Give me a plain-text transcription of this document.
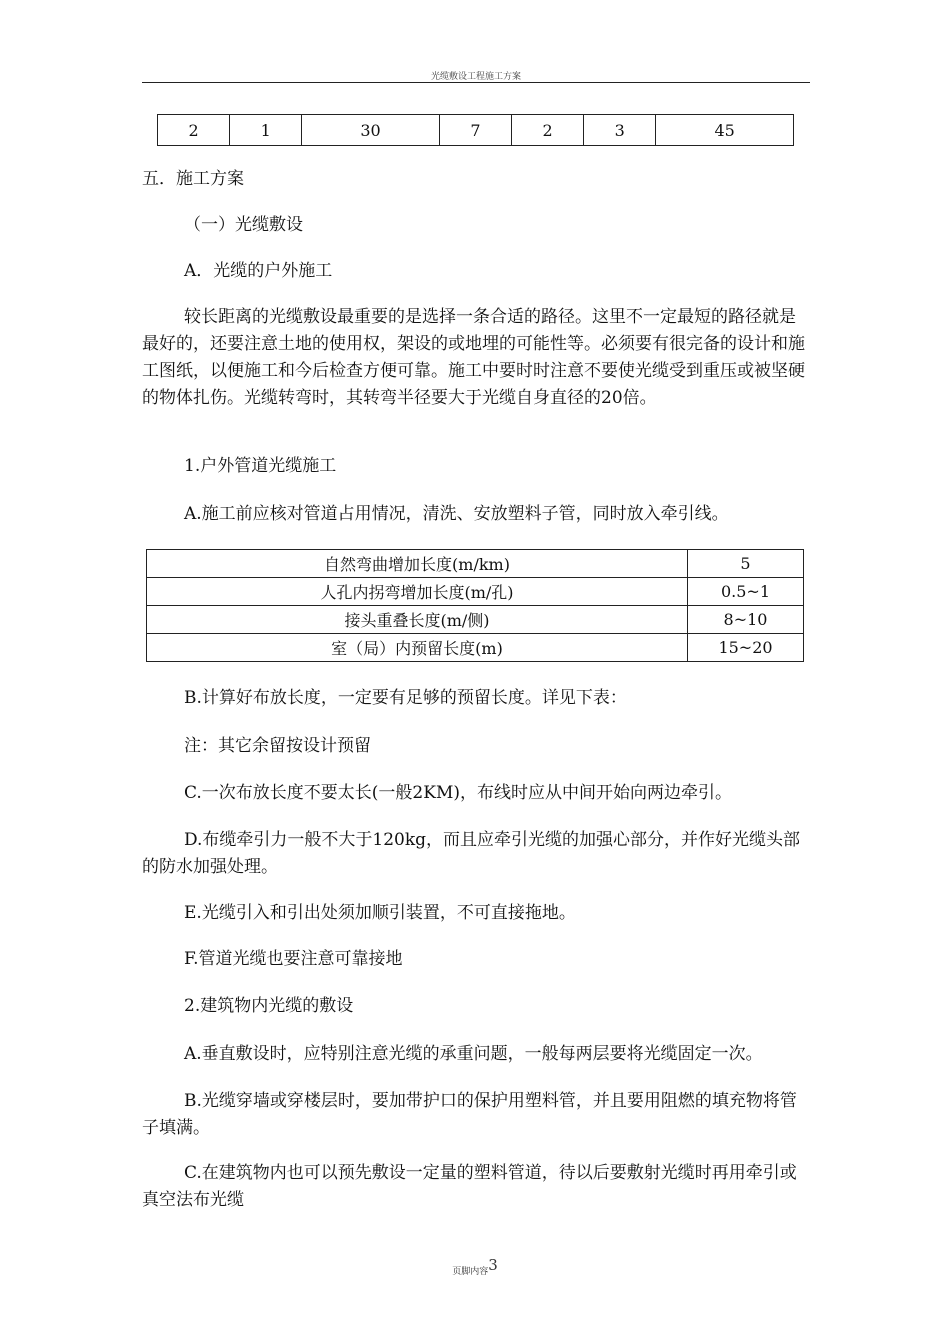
光缆敷设工程施工方案
2	1	30	7	2	3	45

五．施工方案

（一）光缆敷设

A．光缆的户外施工

较长距离的光缆敷设最重要的是选择一条合适的路径。这里不一定最短的路径就是最好的，还要注意土地的使用权，架设的或地埋的可能性等。必须要有很完备的设计和施工图纸，以便施工和今后检查方便可靠。施工中要时时注意不要使光缆受到重压或被坚硬的物体扎伤。光缆转弯时，其转弯半径要大于光缆自身直径的20倍。

1.户外管道光缆施工

A.施工前应核对管道占用情况，清洗、安放塑料子管，同时放入牵引线。

自然弯曲增加长度(m/km)	5
人孔内拐弯增加长度(m/孔)	0.5~1
接头重叠长度(m/侧)	8~10
室（局）内预留长度(m)	15~20

B.计算好布放长度，一定要有足够的预留长度。详见下表：

注：其它余留按设计预留

C.一次布放长度不要太长(一般2KM)，布线时应从中间开始向两边牵引。

D.布缆牵引力一般不大于120kg，而且应牵引光缆的加强心部分，并作好光缆头部的防水加强处理。

E.光缆引入和引出处须加顺引装置，不可直接拖地。

F.管道光缆也要注意可靠接地

2.建筑物内光缆的敷设

A.垂直敷设时，应特别注意光缆的承重问题，一般每两层要将光缆固定一次。

B.光缆穿墙或穿楼层时，要加带护口的保护用塑料管，并且要用阻燃的填充物将管子填满。

C.在建筑物内也可以预先敷设一定量的塑料管道，待以后要敷射光缆时再用牵引或真空法布光缆

页脚内容3
